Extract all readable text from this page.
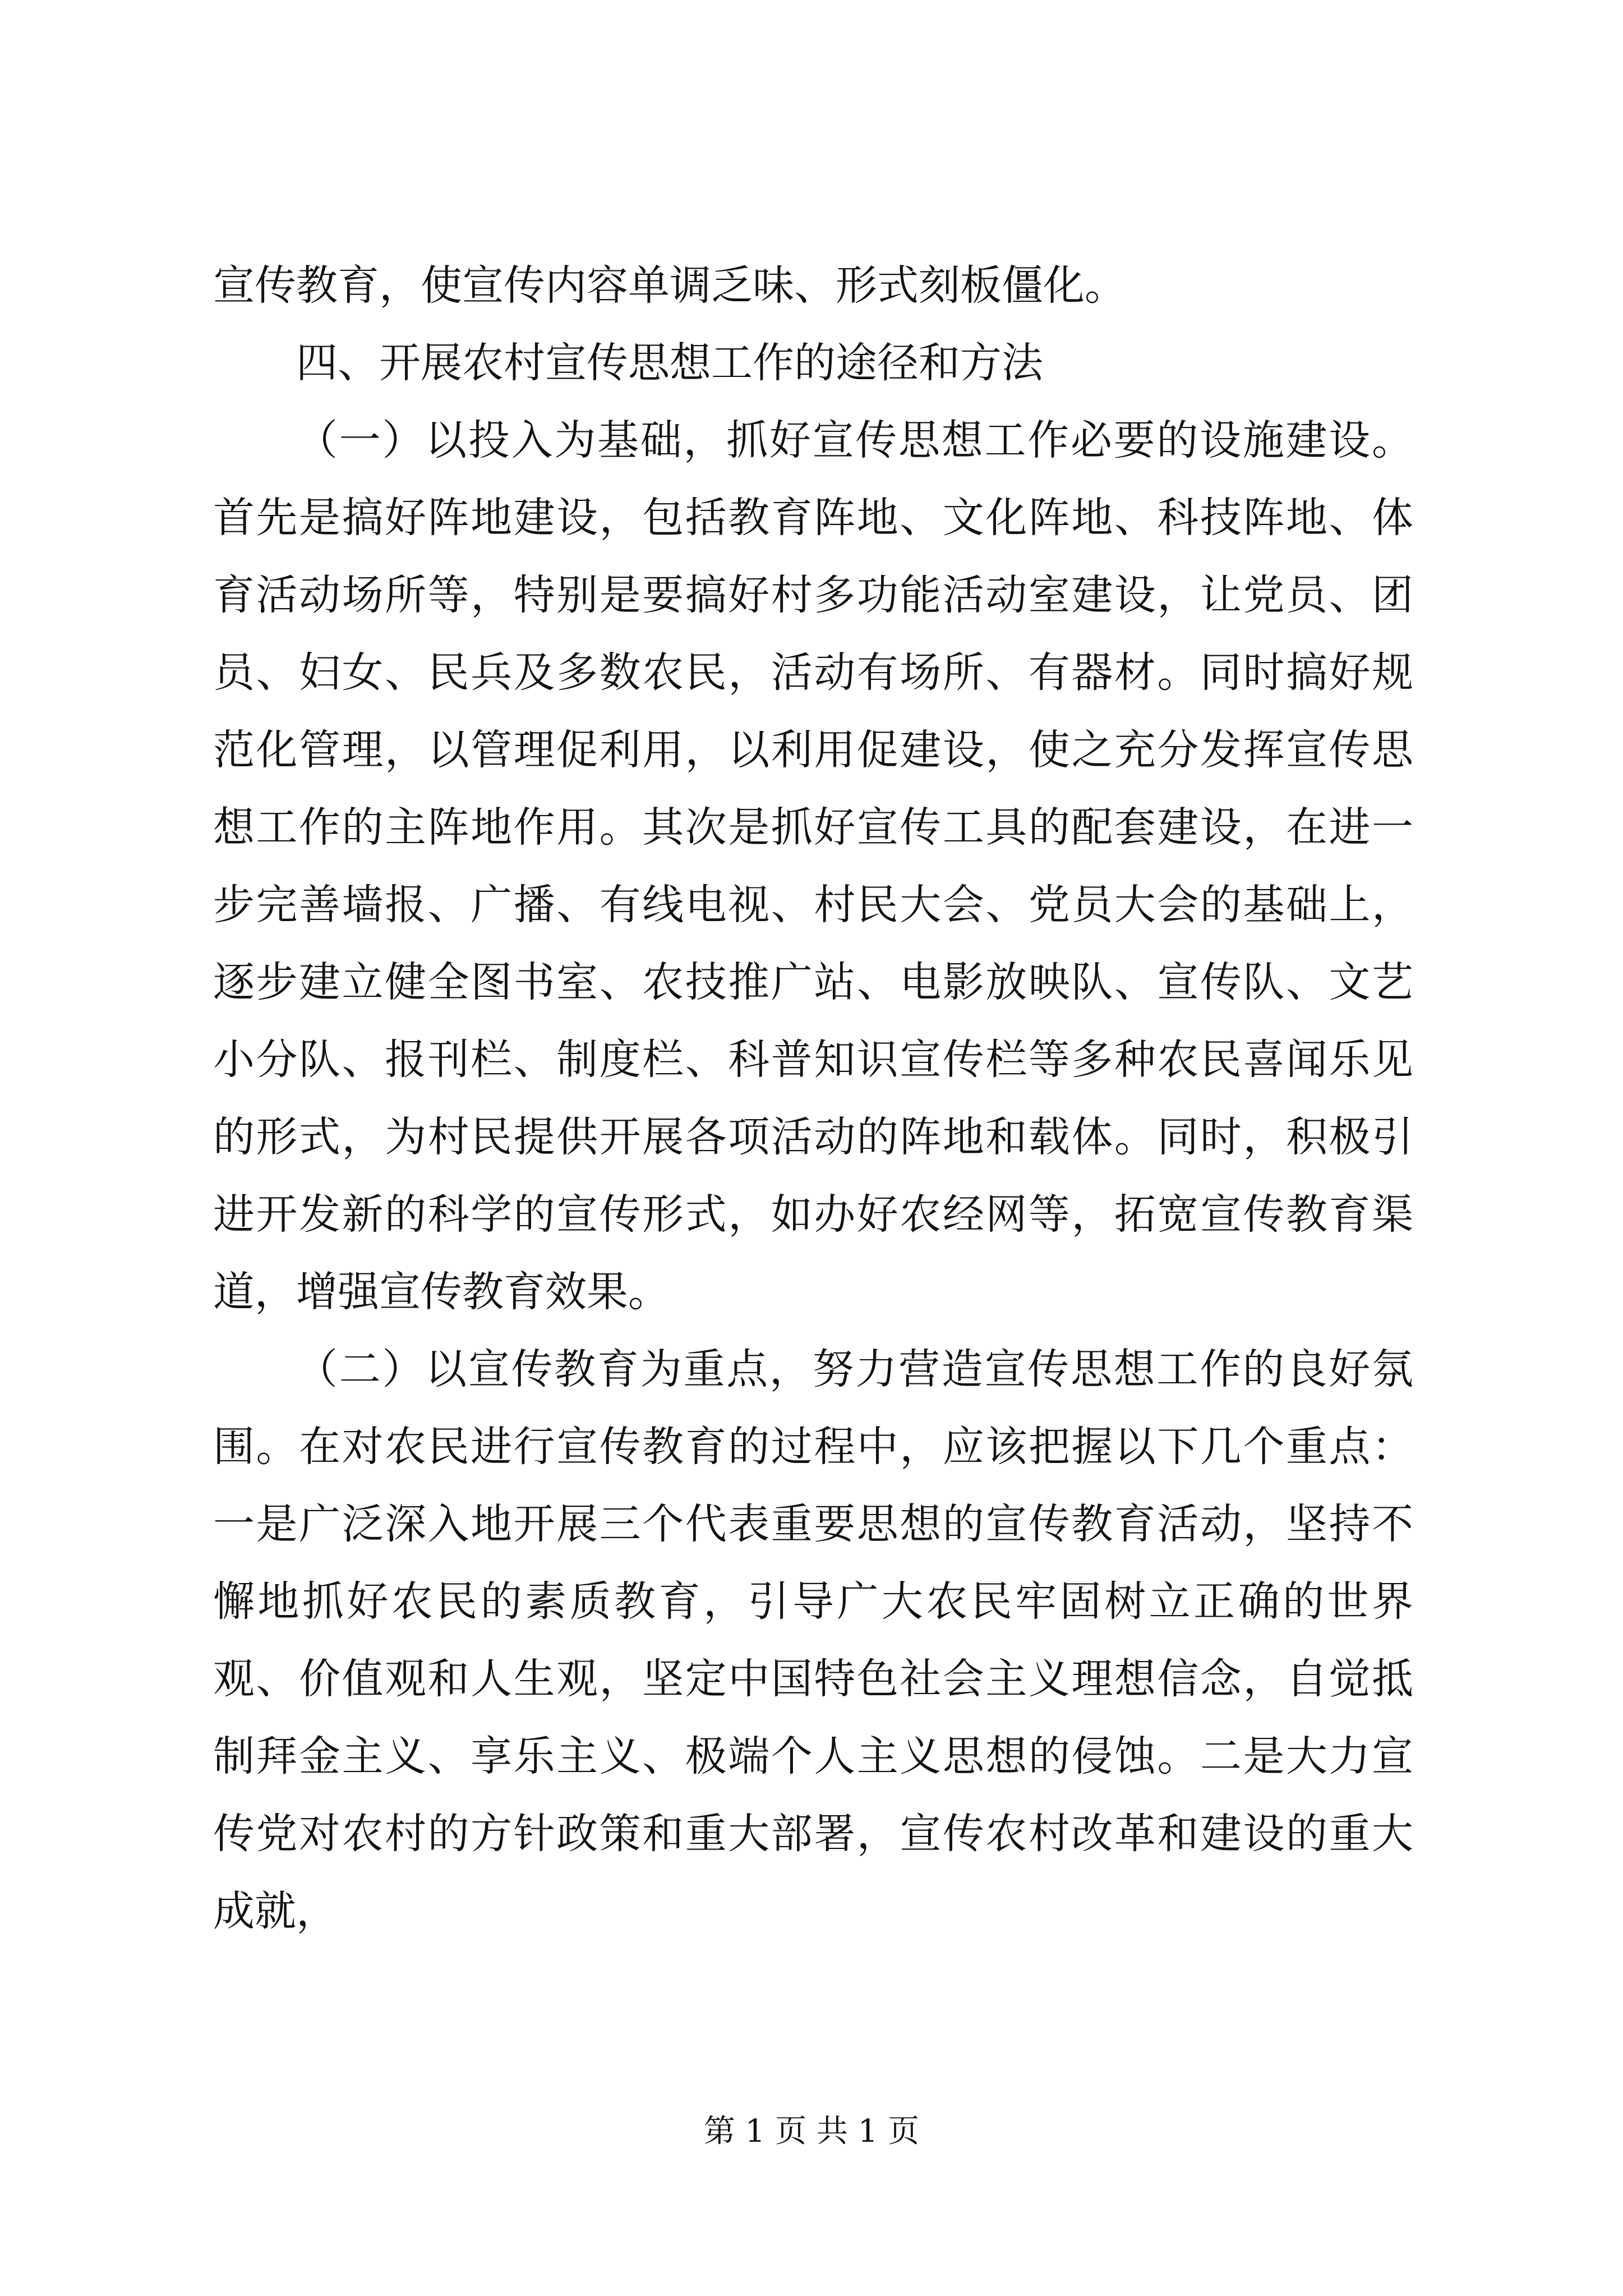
宣传教育，使宣传内容单调乏味、形式刻板僵化。

四、开展农村宣传思想工作的途径和方法

（一）以投入为基础，抓好宣传思想工作必要的设施建设。首先是搞好阵地建设，包括教育阵地、文化阵地、科技阵地、体育活动场所等，特别是要搞好村多功能活动室建设，让党员、团员、妇女、民兵及多数农民，活动有场所、有器材。同时搞好规范化管理，以管理促利用，以利用促建设，使之充分发挥宣传思想工作的主阵地作用。其次是抓好宣传工具的配套建设，在进一步完善墙报、广播、有线电视、村民大会、党员大会的基础上，逐步建立健全图书室、农技推广站、电影放映队、宣传队、文艺小分队、报刊栏、制度栏、科普知识宣传栏等多种农民喜闻乐见的形式，为村民提供开展各项活动的阵地和载体。同时，积极引进开发新的科学的宣传形式，如办好农经网等，拓宽宣传教育渠道，增强宣传教育效果。

（二）以宣传教育为重点，努力营造宣传思想工作的良好氛围。在对农民进行宣传教育的过程中，应该把握以下几个重点：一是广泛深入地开展三个代表重要思想的宣传教育活动，坚持不懈地抓好农民的素质教育，引导广大农民牢固树立正确的世界观、价值观和人生观，坚定中国特色社会主义理想信念，自觉抵制拜金主义、享乐主义、极端个人主义思想的侵蚀。二是大力宣传党对农村的方针政策和重大部署，宣传农村改革和建设的重大成就，

第 1 页 共 1 页
